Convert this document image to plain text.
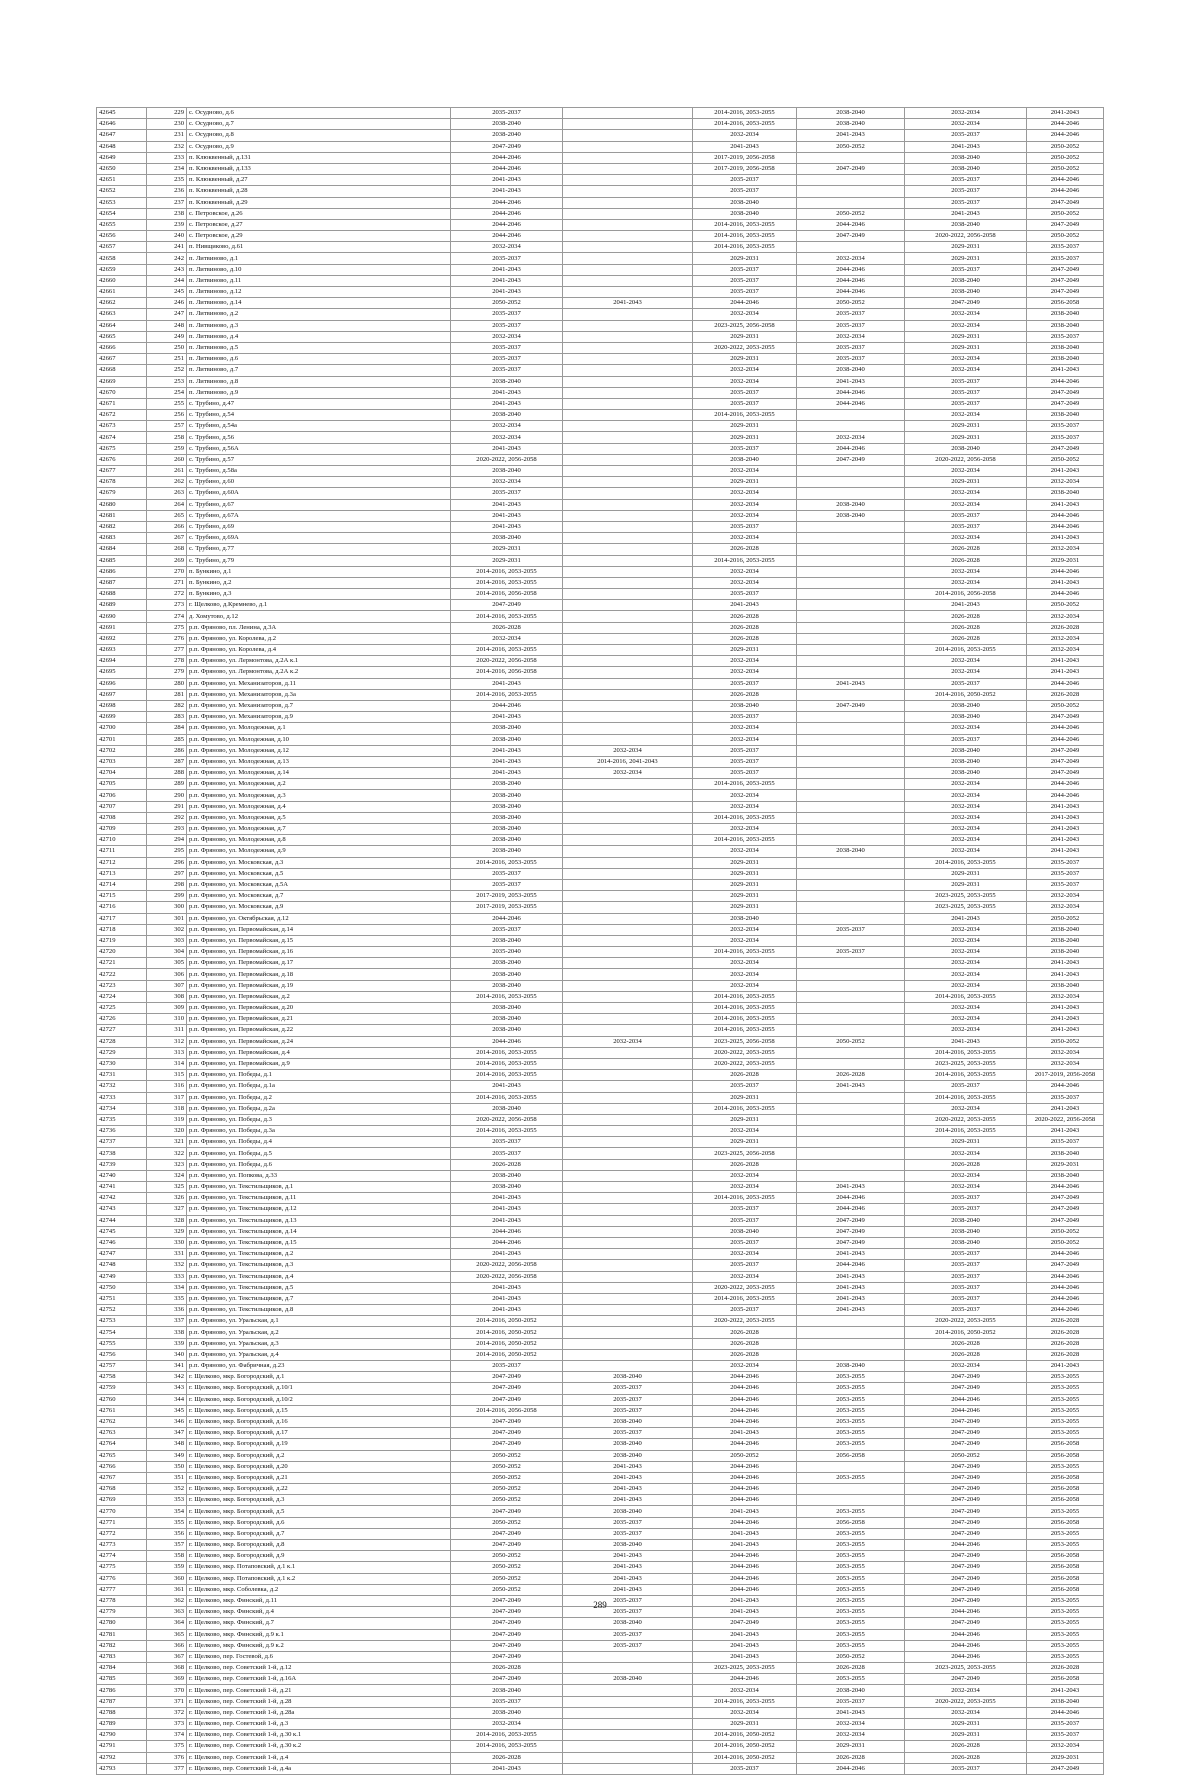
42645	229	с. Осудново, д.6	2035-2037		2014-2016, 2053-2055	2038-2040	2032-2034	2041-2043
42646	230	с. Осудново, д.7	2038-2040		2014-2016, 2053-2055	2038-2040	2032-2034	2044-2046
42647	231	с. Осудново, д.8	2038-2040		2032-2034	2041-2043	2035-2037	2044-2046
42648	232	с. Осудново, д.9	2047-2049		2041-2043	2050-2052	2041-2043	2050-2052
42649	233	п. Клюквенный, д.131	2044-2046		2017-2019, 2056-2058		2038-2040	2050-2052
42650	234	п. Клюквенный, д.133	2044-2046		2017-2019, 2056-2058	2047-2049	2038-2040	2050-2052
42651	235	п. Клюквенный, д.27	2041-2043		2035-2037		2035-2037	2044-2046
42652	236	п. Клюквенный, д.28	2041-2043		2035-2037		2035-2037	2044-2046
42653	237	п. Клюквенный, д.29	2044-2046		2038-2040		2035-2037	2047-2049
42654	238	с. Петровское, д.26	2044-2046		2038-2040	2050-2052	2041-2043	2050-2052
42655	239	с. Петровское, д.27	2044-2046		2014-2016, 2053-2055	2044-2046	2038-2040	2047-2049
42656	240	с. Петровское, д.29	2044-2046		2014-2016, 2053-2055	2047-2049	2020-2022, 2056-2058	2050-2052
42657	241	п. Нивщиково, д.61	2032-2034		2014-2016, 2053-2055		2029-2031	2035-2037
42658	242	п. Литвиново, д.1	2035-2037		2029-2031	2032-2034	2029-2031	2035-2037
42659	243	п. Литвиново, д.10	2041-2043		2035-2037	2044-2046	2035-2037	2047-2049
42660	244	п. Литвиново, д.11	2041-2043		2035-2037	2044-2046	2038-2040	2047-2049
42661	245	п. Литвиново, д.12	2041-2043		2035-2037	2044-2046	2038-2040	2047-2049
42662	246	п. Литвиново, д.14	2050-2052	2041-2043	2044-2046	2050-2052	2047-2049	2056-2058
42663	247	п. Литвиново, д.2	2035-2037		2032-2034	2035-2037	2032-2034	2038-2040
42664	248	п. Литвиново, д.3	2035-2037		2023-2025, 2056-2058	2035-2037	2032-2034	2038-2040
42665	249	п. Литвиново, д.4	2032-2034		2029-2031	2032-2034	2029-2031	2035-2037
42666	250	п. Литвиново, д.5	2035-2037		2020-2022, 2053-2055	2035-2037	2029-2031	2038-2040
42667	251	п. Литвиново, д.6	2035-2037		2029-2031	2035-2037	2032-2034	2038-2040
42668	252	п. Литвиново, д.7	2035-2037		2032-2034	2038-2040	2032-2034	2041-2043
42669	253	п. Литвиново, д.8	2038-2040		2032-2034	2041-2043	2035-2037	2044-2046
42670	254	п. Литвиново, д.9	2041-2043		2035-2037	2044-2046	2035-2037	2047-2049
42671	255	с. Трубино, д.47	2041-2043		2035-2037	2044-2046	2035-2037	2047-2049
42672	256	с. Трубино, д.54	2038-2040		2014-2016, 2053-2055		2032-2034	2038-2040
42673	257	с. Трубино, д.54а	2032-2034		2029-2031		2029-2031	2035-2037
42674	258	с. Трубино, д.56	2032-2034		2029-2031	2032-2034	2029-2031	2035-2037
42675	259	с. Трубино, д.56А	2041-2043		2035-2037	2044-2046	2038-2040	2047-2049
42676	260	с. Трубино, д.57	2020-2022, 2056-2058		2038-2040	2047-2049	2020-2022, 2056-2058	2050-2052
42677	261	с. Трубино, д.58а	2038-2040		2032-2034		2032-2034	2041-2043
42678	262	с. Трубино, д.60	2032-2034		2029-2031		2029-2031	2032-2034
42679	263	с. Трубино, д.60А	2035-2037		2032-2034		2032-2034	2038-2040
42680	264	с. Трубино, д.67	2041-2043		2032-2034	2038-2040	2032-2034	2041-2043
42681	265	с. Трубино, д.67А	2041-2043		2032-2034	2038-2040	2035-2037	2044-2046
42682	266	с. Трубино, д.69	2041-2043		2035-2037		2035-2037	2044-2046
42683	267	с. Трубино, д.69А	2038-2040		2032-2034		2032-2034	2041-2043
42684	268	с. Трубино, д.77	2029-2031		2026-2028		2026-2028	2032-2034
42685	269	с. Трубино, д.79	2029-2031		2014-2016, 2053-2055		2026-2028	2029-2031
42686	270	п. Бункино, д.1	2014-2016, 2053-2055		2032-2034		2032-2034	2044-2046
42687	271	п. Бункино, д.2	2014-2016, 2053-2055		2032-2034		2032-2034	2041-2043
42688	272	п. Бункино, д.3	2014-2016, 2056-2058		2035-2037		2014-2016, 2056-2058	2044-2046
42689	273	г. Щелково, д.Кремнево, д.1	2047-2049		2041-2043		2041-2043	2050-2052
42690	274	д. Хомутово, д.12	2014-2016, 2053-2055		2026-2028		2026-2028	2032-2034
42691	275	р.п. Фряново, пл. Ленина, д.3А	2026-2028		2026-2028		2026-2028	2026-2028
42692	276	р.п. Фряново, ул. Королева, д.2	2032-2034		2026-2028		2026-2028	2032-2034
42693	277	р.п. Фряново, ул. Королева, д.4	2014-2016, 2053-2055		2029-2031		2014-2016, 2053-2055	2032-2034
42694	278	р.п. Фряново, ул. Лермонтова, д.2А к.1	2020-2022, 2056-2058		2032-2034		2032-2034	2041-2043
42695	279	р.п. Фряново, ул. Лермонтова, д.2А к.2	2014-2016, 2056-2058		2032-2034		2032-2034	2041-2043
42696	280	р.п. Фряново, ул. Механизаторов, д.11	2041-2043		2035-2037	2041-2043	2035-2037	2044-2046
42697	281	р.п. Фряново, ул. Механизаторов, д.3а	2014-2016, 2053-2055		2026-2028		2014-2016, 2050-2052	2026-2028
42698	282	р.п. Фряново, ул. Механизаторов, д.7	2044-2046		2038-2040	2047-2049	2038-2040	2050-2052
42699	283	р.п. Фряново, ул. Механизаторов, д.9	2041-2043		2035-2037		2038-2040	2047-2049
42700	284	р.п. Фряново, ул. Молодежная, д.1	2038-2040		2032-2034		2032-2034	2044-2046
42701	285	р.п. Фряново, ул. Молодежная, д.10	2038-2040		2032-2034		2035-2037	2044-2046
42702	286	р.п. Фряново, ул. Молодежная, д.12	2041-2043	2032-2034	2035-2037		2038-2040	2047-2049
42703	287	р.п. Фряново, ул. Молодежная, д.13	2041-2043	2014-2016, 2041-2043	2035-2037		2038-2040	2047-2049
42704	288	р.п. Фряново, ул. Молодежная, д.14	2041-2043	2032-2034	2035-2037		2038-2040	2047-2049
42705	289	р.п. Фряново, ул. Молодежная, д.2	2038-2040		2014-2016, 2053-2055		2032-2034	2044-2046
42706	290	р.п. Фряново, ул. Молодежная, д.3	2038-2040		2032-2034		2032-2034	2044-2046
42707	291	р.п. Фряново, ул. Молодежная, д.4	2038-2040		2032-2034		2032-2034	2041-2043
42708	292	р.п. Фряново, ул. Молодежная, д.5	2038-2040		2014-2016, 2053-2055		2032-2034	2041-2043
42709	293	р.п. Фряново, ул. Молодежная, д.7	2038-2040		2032-2034		2032-2034	2041-2043
42710	294	р.п. Фряново, ул. Молодежная, д.8	2038-2040		2014-2016, 2053-2055		2032-2034	2041-2043
42711	295	р.п. Фряново, ул. Молодежная, д.9	2038-2040		2032-2034	2038-2040	2032-2034	2041-2043
42712	296	р.п. Фряново, ул. Московская, д.3	2014-2016, 2053-2055		2029-2031		2014-2016, 2053-2055	2035-2037
42713	297	р.п. Фряново, ул. Московская, д.5	2035-2037		2029-2031		2029-2031	2035-2037
42714	298	р.п. Фряново, ул. Московская, д.5А	2035-2037		2029-2031		2029-2031	2035-2037
42715	299	р.п. Фряново, ул. Московская, д.7	2017-2019, 2053-2055		2029-2031		2023-2025, 2053-2055	2032-2034
42716	300	р.п. Фряново, ул. Московская, д.9	2017-2019, 2053-2055		2029-2031		2023-2025, 2053-2055	2032-2034
42717	301	р.п. Фряново, ул. Октябрьская, д.12	2044-2046		2038-2040		2041-2043	2050-2052
42718	302	р.п. Фряново, ул. Первомайская, д.14	2035-2037		2032-2034	2035-2037	2032-2034	2038-2040
42719	303	р.п. Фряново, ул. Первомайская, д.15	2038-2040		2032-2034		2032-2034	2038-2040
42720	304	р.п. Фряново, ул. Первомайская, д.16	2035-2040		2014-2016, 2053-2055	2035-2037	2032-2034	2038-2040
42721	305	р.п. Фряново, ул. Первомайская, д.17	2038-2040		2032-2034		2032-2034	2041-2043
42722	306	р.п. Фряново, ул. Первомайская, д.18	2038-2040		2032-2034		2032-2034	2041-2043
42723	307	р.п. Фряново, ул. Первомайская, д.19	2038-2040		2032-2034		2032-2034	2038-2040
42724	308	р.п. Фряново, ул. Первомайская, д.2	2014-2016, 2053-2055		2014-2016, 2053-2055		2014-2016, 2053-2055	2032-2034
42725	309	р.п. Фряново, ул. Первомайская, д.20	2038-2040		2014-2016, 2053-2055		2032-2034	2041-2043
42726	310	р.п. Фряново, ул. Первомайская, д.21	2038-2040		2014-2016, 2053-2055		2032-2034	2041-2043
42727	311	р.п. Фряново, ул. Первомайская, д.22	2038-2040		2014-2016, 2053-2055		2032-2034	2041-2043
42728	312	р.п. Фряново, ул. Первомайская, д.24	2044-2046	2032-2034	2023-2025, 2056-2058	2050-2052	2041-2043	2050-2052
42729	313	р.п. Фряново, ул. Первомайская, д.4	2014-2016, 2053-2055		2020-2022, 2053-2055		2014-2016, 2053-2055	2032-2034
42730	314	р.п. Фряново, ул. Первомайская, д.9	2014-2016, 2053-2055		2020-2022, 2053-2055		2023-2025, 2053-2055	2032-2034
42731	315	р.п. Фряново, ул. Победы, д.1	2014-2016, 2053-2055		2026-2028	2026-2028	2014-2016, 2053-2055	2017-2019, 2056-2058
42732	316	р.п. Фряново, ул. Победы, д.1а	2041-2043		2035-2037	2041-2043	2035-2037	2044-2046
42733	317	р.п. Фряново, ул. Победы, д.2	2014-2016, 2053-2055		2029-2031		2014-2016, 2053-2055	2035-2037
42734	318	р.п. Фряново, ул. Победы, д.2а	2038-2040		2014-2016, 2053-2055		2032-2034	2041-2043
42735	319	р.п. Фряново, ул. Победы, д.3	2020-2022, 2056-2058		2029-2031		2020-2022, 2053-2055	2020-2022, 2056-2058
42736	320	р.п. Фряново, ул. Победы, д.3а	2014-2016, 2053-2055		2032-2034		2014-2016, 2053-2055	2041-2043
42737	321	р.п. Фряново, ул. Победы, д.4	2035-2037		2029-2031		2029-2031	2035-2037
42738	322	р.п. Фряново, ул. Победы, д.5	2035-2037		2023-2025, 2056-2058		2032-2034	2038-2040
42739	323	р.п. Фряново, ул. Победы, д.6	2026-2028		2026-2028		2026-2028	2029-2031
42740	324	р.п. Фряново, ул. Попкова, д.33	2038-2040		2032-2034		2032-2034	2038-2040
42741	325	р.п. Фряново, ул. Текстильщиков, д.1	2038-2040		2032-2034	2041-2043	2032-2034	2044-2046
42742	326	р.п. Фряново, ул. Текстильщиков, д.11	2041-2043		2014-2016, 2053-2055	2044-2046	2035-2037	2047-2049
42743	327	р.п. Фряново, ул. Текстильщиков, д.12	2041-2043		2035-2037	2044-2046	2035-2037	2047-2049
42744	328	р.п. Фряново, ул. Текстильщиков, д.13	2041-2043		2035-2037	2047-2049	2038-2040	2047-2049
42745	329	р.п. Фряново, ул. Текстильщиков, д.14	2044-2046		2038-2040	2047-2049	2038-2040	2050-2052
42746	330	р.п. Фряново, ул. Текстильщиков, д.15	2044-2046		2035-2037	2047-2049	2038-2040	2050-2052
42747	331	р.п. Фряново, ул. Текстильщиков, д.2	2041-2043		2032-2034	2041-2043	2035-2037	2044-2046
42748	332	р.п. Фряново, ул. Текстильщиков, д.3	2020-2022, 2056-2058		2035-2037	2044-2046	2035-2037	2047-2049
42749	333	р.п. Фряново, ул. Текстильщиков, д.4	2020-2022, 2056-2058		2032-2034	2041-2043	2035-2037	2044-2046
42750	334	р.п. Фряново, ул. Текстильщиков, д.5	2041-2043		2020-2022, 2053-2055	2041-2043	2035-2037	2044-2046
42751	335	р.п. Фряново, ул. Текстильщиков, д.7	2041-2043		2014-2016, 2053-2055	2041-2043	2035-2037	2044-2046
42752	336	р.п. Фряново, ул. Текстильщиков, д.8	2041-2043		2035-2037	2041-2043	2035-2037	2044-2046
42753	337	р.п. Фряново, ул. Уральская, д.1	2014-2016, 2050-2052		2020-2022, 2053-2055		2020-2022, 2053-2055	2026-2028
42754	338	р.п. Фряново, ул. Уральская, д.2	2014-2016, 2050-2052		2026-2028		2014-2016, 2050-2052	2026-2028
42755	339	р.п. Фряново, ул. Уральская, д.3	2014-2016, 2050-2052		2026-2028		2026-2028	2026-2028
42756	340	р.п. Фряново, ул. Уральская, д.4	2014-2016, 2050-2052		2026-2028		2026-2028	2026-2028
42757	341	р.п. Фряново, ул. Фабричная, д.23	2035-2037		2032-2034	2038-2040	2032-2034	2041-2043
42758	342	г. Щелково, мкр. Богородский, д.1	2047-2049	2038-2040	2044-2046	2053-2055	2047-2049	2053-2055
42759	343	г. Щелково, мкр. Богородский, д.10/1	2047-2049	2035-2037	2044-2046	2053-2055	2047-2049	2053-2055
42760	344	г. Щелково, мкр. Богородский, д.10/2	2047-2049	2035-2037	2044-2046	2053-2055	2044-2046	2053-2055
42761	345	г. Щелково, мкр. Богородский, д.15	2014-2016, 2056-2058	2035-2037	2044-2046	2053-2055	2044-2046	2053-2055
42762	346	г. Щелково, мкр. Богородский, д.16	2047-2049	2038-2040	2044-2046	2053-2055	2047-2049	2053-2055
42763	347	г. Щелково, мкр. Богородский, д.17	2047-2049	2035-2037	2041-2043	2053-2055	2047-2049	2053-2055
42764	348	г. Щелково, мкр. Богородский, д.19	2047-2049	2038-2040	2044-2046	2053-2055	2047-2049	2056-2058
42765	349	г. Щелково, мкр. Богородский, д.2	2050-2052	2038-2040	2050-2052	2056-2058	2050-2052	2056-2058
42766	350	г. Щелково, мкр. Богородский, д.20	2050-2052	2041-2043	2044-2046		2047-2049	2053-2055
42767	351	г. Щелково, мкр. Богородский, д.21	2050-2052	2041-2043	2044-2046	2053-2055	2047-2049	2056-2058
42768	352	г. Щелково, мкр. Богородский, д.22	2050-2052	2041-2043	2044-2046		2047-2049	2056-2058
42769	353	г. Щелково, мкр. Богородский, д.3	2050-2052	2041-2043	2044-2046		2047-2049	2056-2058
42770	354	г. Щелково, мкр. Богородский, д.5	2047-2049	2038-2040	2041-2043	2053-2055	2047-2049	2053-2055
42771	355	г. Щелково, мкр. Богородский, д.6	2050-2052	2035-2037	2044-2046	2056-2058	2047-2049	2056-2058
42772	356	г. Щелково, мкр. Богородский, д.7	2047-2049	2035-2037	2041-2043	2053-2055	2047-2049	2053-2055
42773	357	г. Щелково, мкр. Богородский, д.8	2047-2049	2038-2040	2041-2043	2053-2055	2044-2046	2053-2055
42774	358	г. Щелково, мкр. Богородский, д.9	2050-2052	2041-2043	2044-2046	2053-2055	2047-2049	2056-2058
42775	359	г. Щелково, мкр. Потаповский, д.1 к.1	2050-2052	2041-2043	2044-2046	2053-2055	2047-2049	2056-2058
42776	360	г. Щелково, мкр. Потаповский, д.1 к.2	2050-2052	2041-2043	2044-2046	2053-2055	2047-2049	2056-2058
42777	361	г. Щелково, мкр. Соболевка, д.2	2050-2052	2041-2043	2044-2046	2053-2055	2047-2049	2056-2058
42778	362	г. Щелково, мкр. Финский, д.11	2047-2049	2035-2037	2041-2043	2053-2055	2047-2049	2053-2055
42779	363	г. Щелково, мкр. Финский, д.4	2047-2049	2035-2037	2041-2043	2053-2055	2044-2046	2053-2055
42780	364	г. Щелково, мкр. Финский, д.7	2047-2049	2038-2040	2047-2049	2053-2055	2047-2049	2053-2055
42781	365	г. Щелково, мкр. Финский, д.9 к.1	2047-2049	2035-2037	2041-2043	2053-2055	2044-2046	2053-2055
42782	366	г. Щелково, мкр. Финский, д.9 к.2	2047-2049	2035-2037	2041-2043	2053-2055	2044-2046	2053-2055
42783	367	г. Щелково, пер. Гостевой, д.6	2047-2049		2041-2043	2050-2052	2044-2046	2053-2055
42784	368	г. Щелково, пер. Советский 1-й, д.12	2026-2028		2023-2025, 2053-2055	2026-2028	2023-2025, 2053-2055	2026-2028
42785	369	г. Щелково, пер. Советский 1-й, д.16А	2047-2049	2038-2040	2044-2046	2053-2055	2047-2049	2056-2058
42786	370	г. Щелково, пер. Советский 1-й, д.21	2038-2040		2032-2034	2038-2040	2032-2034	2041-2043
42787	371	г. Щелково, пер. Советский 1-й, д.28	2035-2037		2014-2016, 2053-2055	2035-2037	2020-2022, 2053-2055	2038-2040
42788	372	г. Щелково, пер. Советский 1-й, д.28а	2038-2040		2032-2034	2041-2043	2032-2034	2044-2046
42789	373	г. Щелково, пер. Советский 1-й, д.3	2032-2034		2029-2031	2032-2034	2029-2031	2035-2037
42790	374	г. Щелково, пер. Советский 1-й, д.30 к.1	2014-2016, 2053-2055		2014-2016, 2050-2052	2032-2034	2029-2031	2035-2037
42791	375	г. Щелково, пер. Советский 1-й, д.30 к.2	2014-2016, 2053-2055		2014-2016, 2050-2052	2029-2031	2026-2028	2032-2034
42792	376	г. Щелково, пер. Советский 1-й, д.4	2026-2028		2014-2016, 2050-2052	2026-2028	2026-2028	2029-2031
42793	377	г. Щелково, пер. Советский 1-й, д.4а	2041-2043		2035-2037	2044-2046	2035-2037	2047-2049
289
